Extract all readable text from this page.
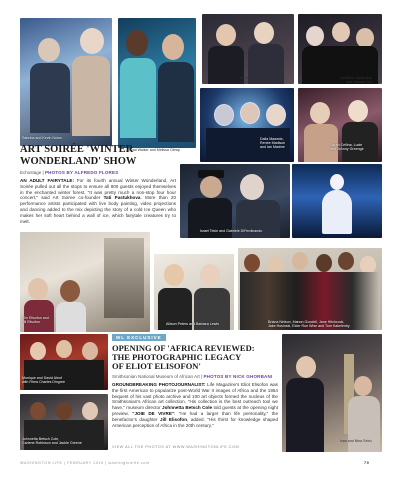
Sabrina and Kevin Nolan
D'Nai Walker and Melissa Obrap
Dorothee Van Leeuwen and
Laura-Anne Sternebrink
Lin Mers, Sadie Ava
and Joanna Yoo
Dalia Mawaris,
Renée Madison
and Ian Madine
Sarah Cellina, Lucie
and Johnny Greenge
Israel Tekle and Gabriele DiFerdinando
ART SOIRÉE 'WINTER
WONDERLAND' SHOW
Echostage | PHOTOS BY ALFREDO FLORES
AN ADULT FAIRYTALE: For its fourth annual Winter Wonderland, Art Soirée pulled out all the stops to ensure all 800 guests enjoyed themselves in the enchanted winter forest. "It was pretty much a non-stop four hour concert," said Art Soiree co-founder Tati Pastukhova. More than 20 performance artists participated with live body painting, video projections and dancing added to the mix depicting the story of a cold Ice Queen who makes her soft heart behind a wall of ice, which fairytale creatures try to melt.
Elin Elisofon and
Jill Elisofon	Allison Peters and Barbara Lewis	Briana Nelson, Manon Goodell, Jane Hitchcock,
Jake Hosinski, Elder Rue Wise and Tom Kakelenby
WL EXCLUSIVE
OPENING OF 'AFRICA REVIEWED:
THE PHOTOGRAPHIC LEGACY
OF ELIOT ELISOFON'
Smithsonian National Museum of African Art | PHOTOS BY NICK GHORBANI
GROUNDBREAKING PHOTOJOURNALIST: Life Magazine's Eliot Elisofon was the first American to popularize post-World War II images of Africa and the 1954 bequest of his vast photo archive and 100 art objects formed the nucleus of the Smithsonian's African art collection. "His collection is the best outreach tool we have," museum director Johnnetta Betsch Cole told guests at the opening night preview. "JOIE DE VIVRE": "He had a larger than life personality," the benefactor's daughter Jill Elisofon, added. "His thirst for knowledge shaped American perception of Africa in the 20th century."
VIEW ALL THE PHOTOS AT WWW.WASHINGTONLIFE.COM
Monique and David Aleuf
with Rhea Charles Dingree
Johnnetta Betsch Cole,
Carlene Robinson and Jackie Greene
Ivan and Nina Sebu
WASHINGTON LIFE | FEBRUARY 2016 | washingtonlife.com	79
